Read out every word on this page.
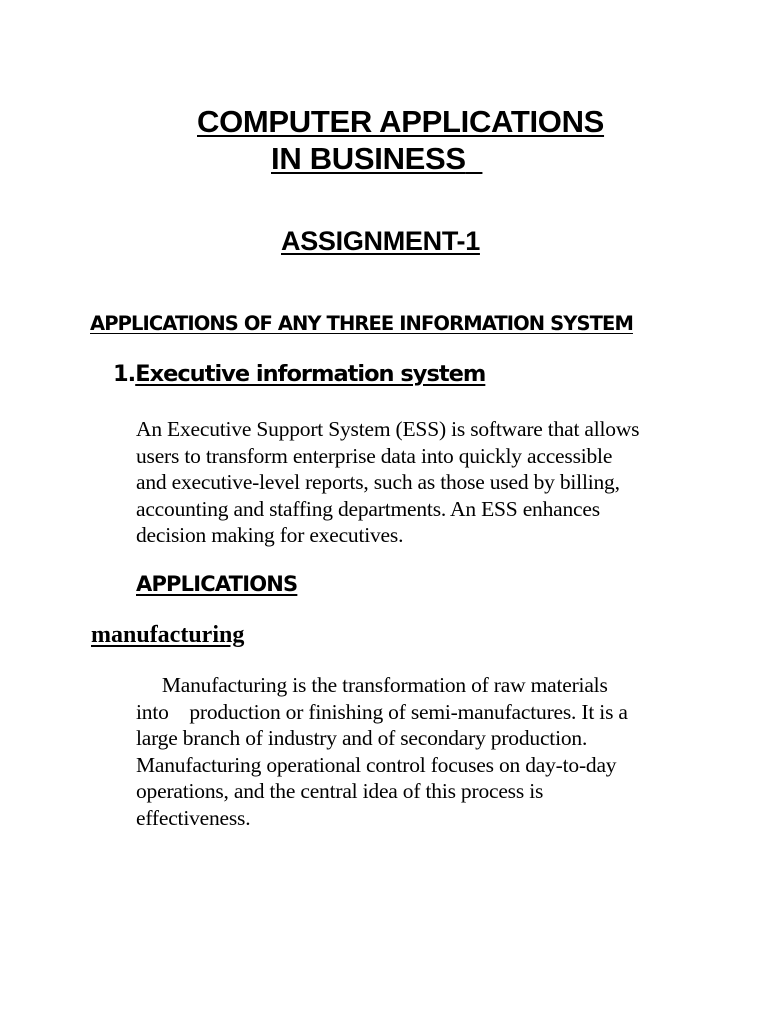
COMPUTER APPLICATIONS
IN BUSINESS
ASSIGNMENT-1
APPLICATIONS OF ANY THREE INFORMATION SYSTEM
1.Executive information system
An Executive Support System (ESS) is software that allows
users to transform enterprise data into quickly accessible
and executive-level reports, such as those used by billing,
accounting and staffing departments. An ESS enhances
decision making for executives.
APPLICATIONS
manufacturing
Manufacturing is the transformation of raw materials
into    production or finishing of semi-manufactures. It is a
large branch of industry and of secondary production.
Manufacturing operational control focuses on day-to-day
operations, and the central idea of this process is
effectiveness.
